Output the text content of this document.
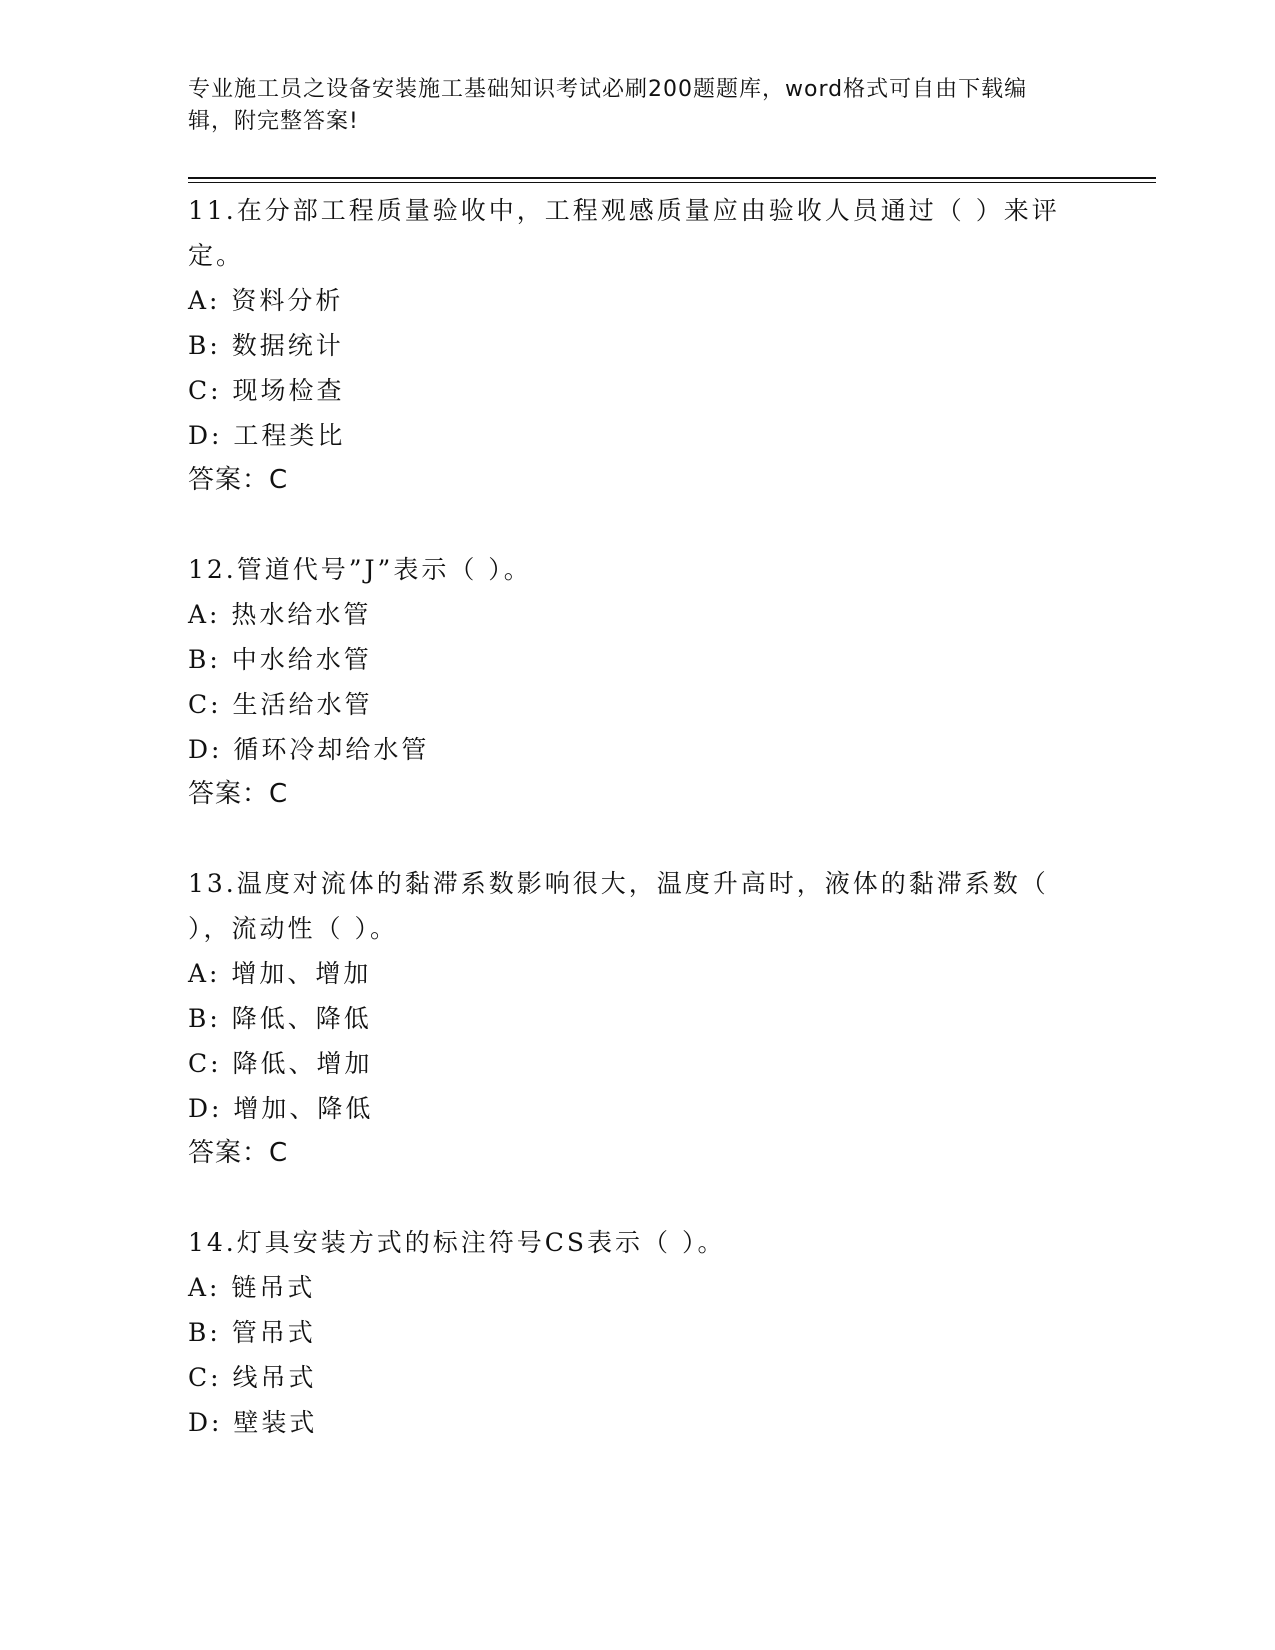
专业施工员之设备安装施工基础知识考试必刷200题题库，word格式可自由下载编辑，附完整答案!
11.在分部工程质量验收中，工程观感质量应由验收人员通过（ ）来评定。
A: 资料分析
B: 数据统计
C: 现场检查
D: 工程类比
答案：C
12.管道代号”J”表示（ ）。
A: 热水给水管
B: 中水给水管
C: 生活给水管
D: 循环冷却给水管
答案：C
13.温度对流体的黏滞系数影响很大，温度升高时，液体的黏滞系数（ ），流动性（ ）。
A: 增加、增加
B: 降低、降低
C: 降低、增加
D: 增加、降低
答案：C
14.灯具安装方式的标注符号CS表示（ ）。
A: 链吊式
B: 管吊式
C: 线吊式
D: 壁装式
